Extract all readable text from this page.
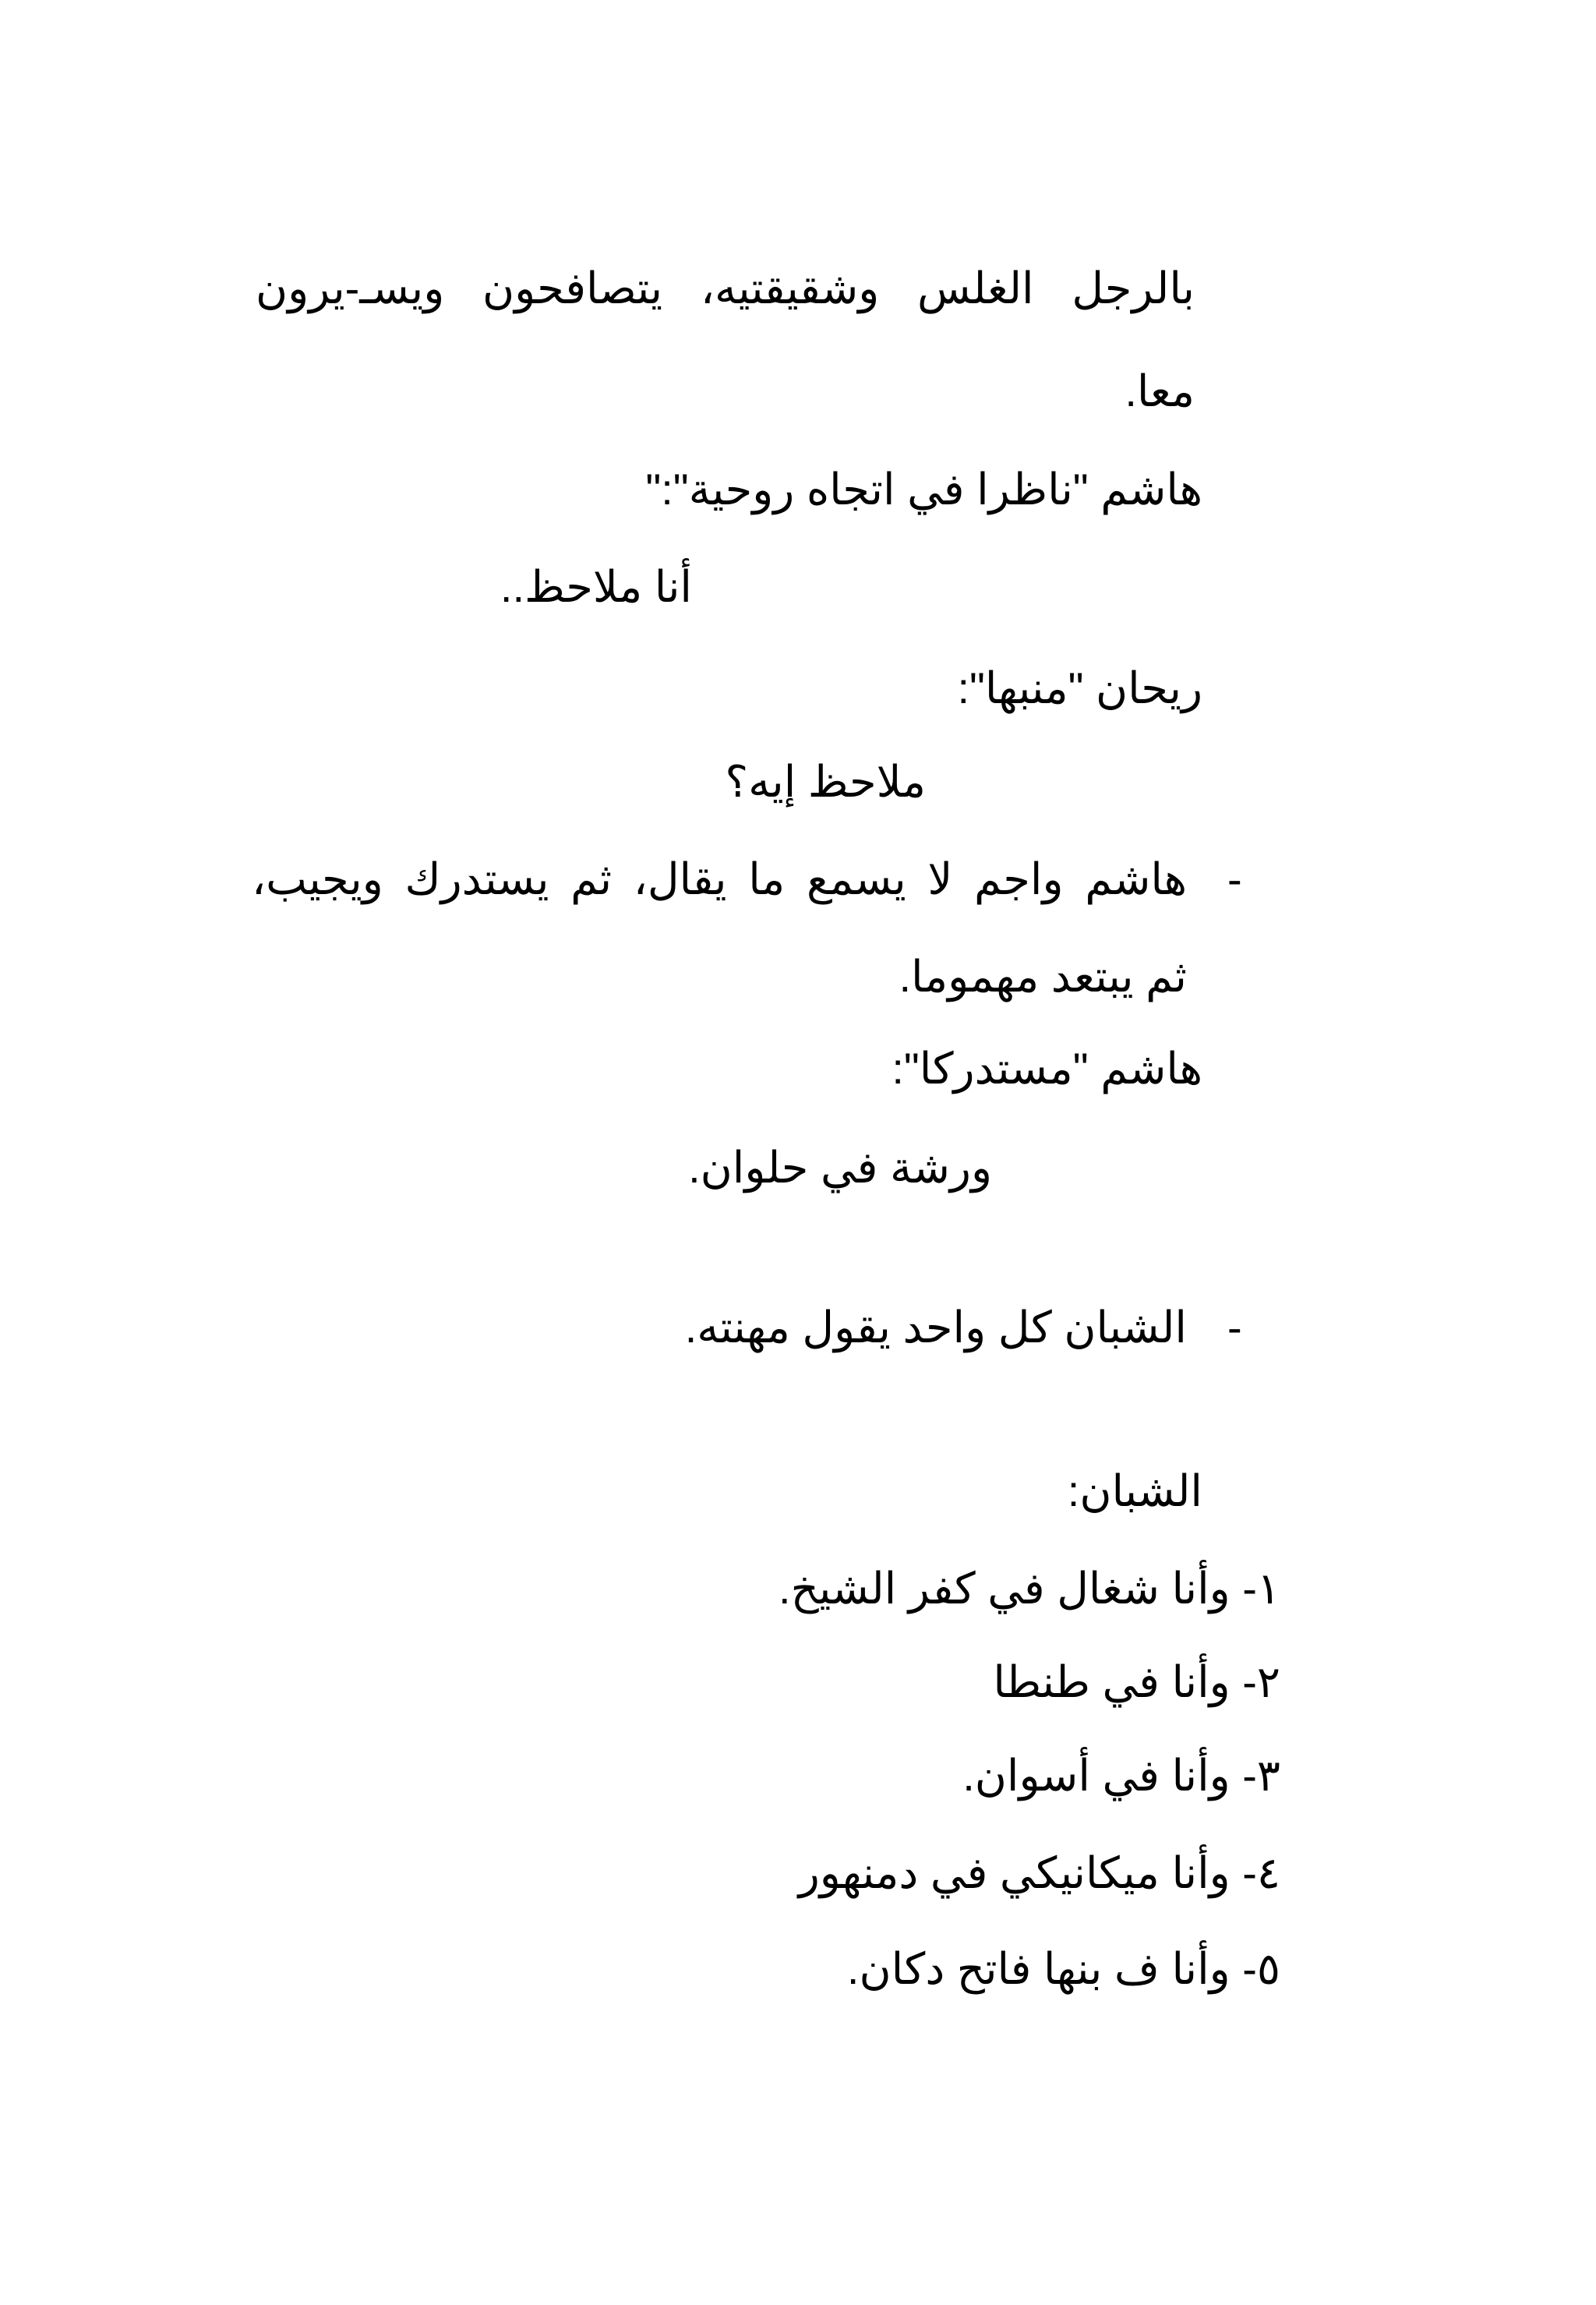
بالرجل الغلس وشقيقتيه، يتصافحون ويسـ-يرون
معا.
هاشم "ناظرا في اتجاه روحية":"
أنا ملاحظ..
ريحان "منبها":
ملاحظ إيه؟
-
هاشم واجم لا يسمع ما يقال، ثم يستدرك ويجيب،
ثم يبتعد مهموما.
هاشم "مستدركا":
ورشة في حلوان.
-
الشبان كل واحد يقول مهنته.
الشبان:
١- وأنا شغال في كفر الشيخ.
٢- وأنا في طنطا
٣- وأنا في أسوان.
٤- وأنا ميكانيكي في دمنهور
٥- وأنا ف بنها فاتح دكان.
